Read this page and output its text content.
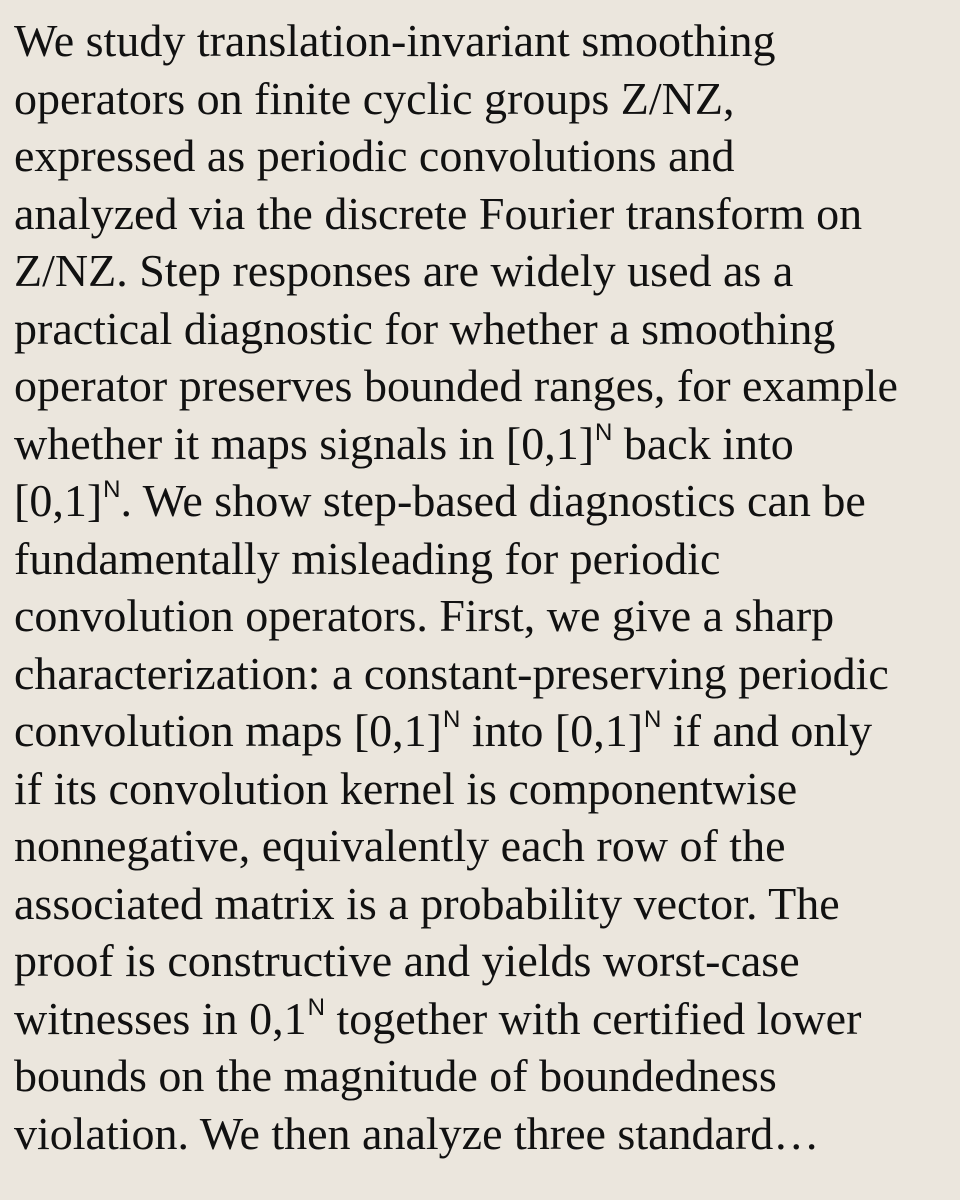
We study translation-invariant smoothing
operators on finite cyclic groups Z/NZ,
expressed as periodic convolutions and
analyzed via the discrete Fourier transform on
Z/NZ. Step responses are widely used as a
practical diagnostic for whether a smoothing
operator preserves bounded ranges, for example
whether it maps signals in $[0,1]^N$ back into
$[0,1]^N$. We show step-based diagnostics can be
fundamentally misleading for periodic
convolution operators. First, we give a sharp
characterization: a constant-preserving periodic
convolution maps $[0,1]^N$ into $[0,1]^N$ if and only
if its convolution kernel is componentwise
nonnegative, equivalently each row of the
associated matrix is a probability vector. The
proof is constructive and yields worst-case
witnesses in $0,1^N$ together with certified lower
bounds on the magnitude of boundedness
violation. We then analyze three standard…
